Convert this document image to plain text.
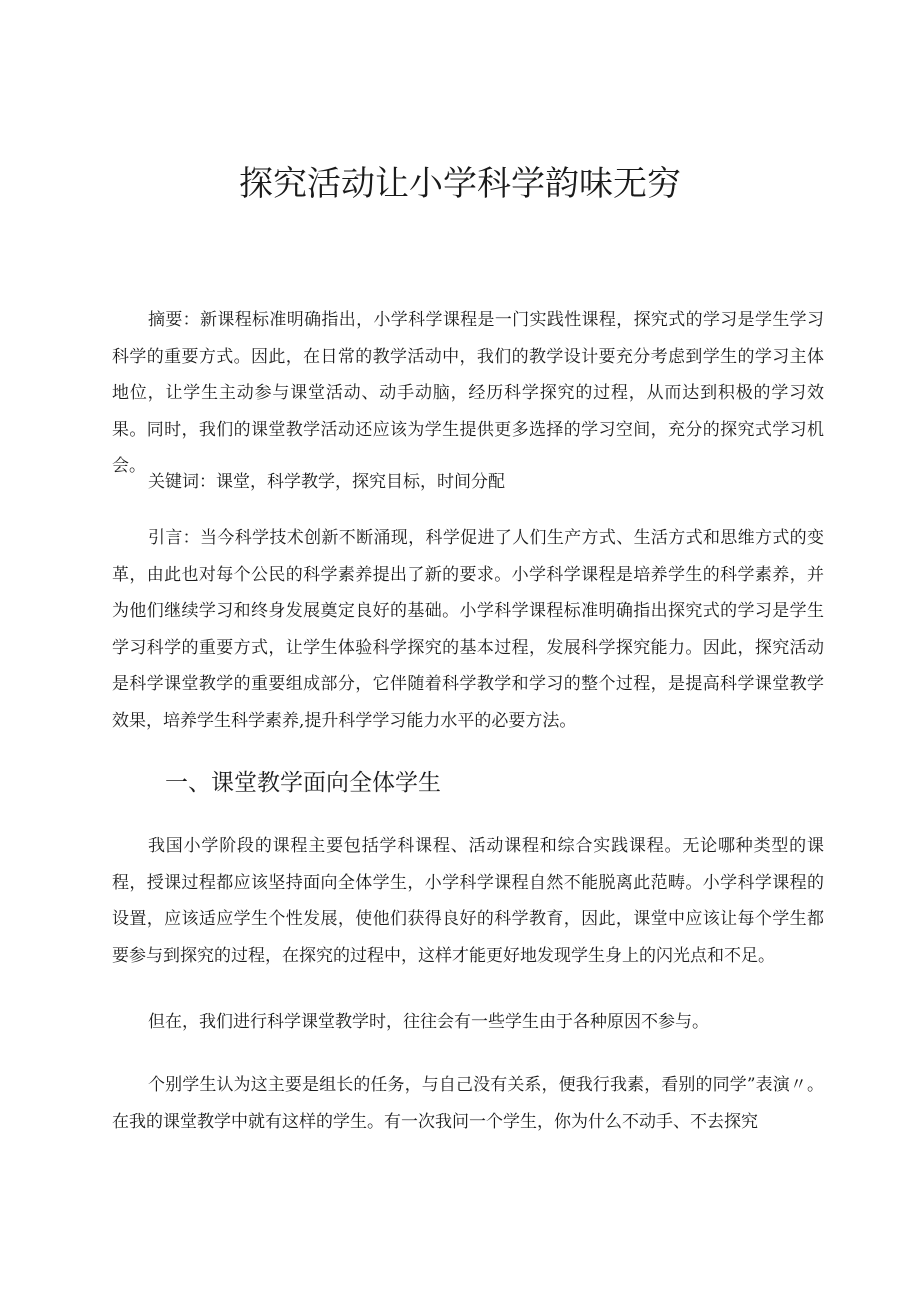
探究活动让小学科学韵味无穷

摘要：新课程标准明确指出，小学科学课程是一门实践性课程，探究式的学习是学生学习科学的重要方式。因此，在日常的教学活动中，我们的教学设计要充分考虑到学生的学习主体地位，让学生主动参与课堂活动、动手动脑，经历科学探究的过程，从而达到积极的学习效果。同时，我们的课堂教学活动还应该为学生提供更多选择的学习空间，充分的探究式学习机会。

关键词：课堂，科学教学，探究目标，时间分配

引言：当今科学技术创新不断涌现，科学促进了人们生产方式、生活方式和思维方式的变革，由此也对每个公民的科学素养提出了新的要求。小学科学课程是培养学生的科学素养，并为他们继续学习和终身发展奠定良好的基础。小学科学课程标准明确指出探究式的学习是学生学习科学的重要方式，让学生体验科学探究的基本过程，发展科学探究能力。因此，探究活动是科学课堂教学的重要组成部分，它伴随着科学教学和学习的整个过程，是提高科学课堂教学效果，培养学生科学素养,提升科学学习能力水平的必要方法。

一、课堂教学面向全体学生

我国小学阶段的课程主要包括学科课程、活动课程和综合实践课程。无论哪种类型的课程，授课过程都应该坚持面向全体学生，小学科学课程自然不能脱离此范畴。小学科学课程的设置，应该适应学生个性发展，使他们获得良好的科学教育，因此，课堂中应该让每个学生都要参与到探究的过程，在探究的过程中，这样才能更好地发现学生身上的闪光点和不足。

但在，我们进行科学课堂教学时，往往会有一些学生由于各种原因不参与。

个别学生认为这主要是组长的任务，与自己没有关系，便我行我素，看别的同学”表演〃。在我的课堂教学中就有这样的学生。有一次我问一个学生，你为什么不动手、不去探究
